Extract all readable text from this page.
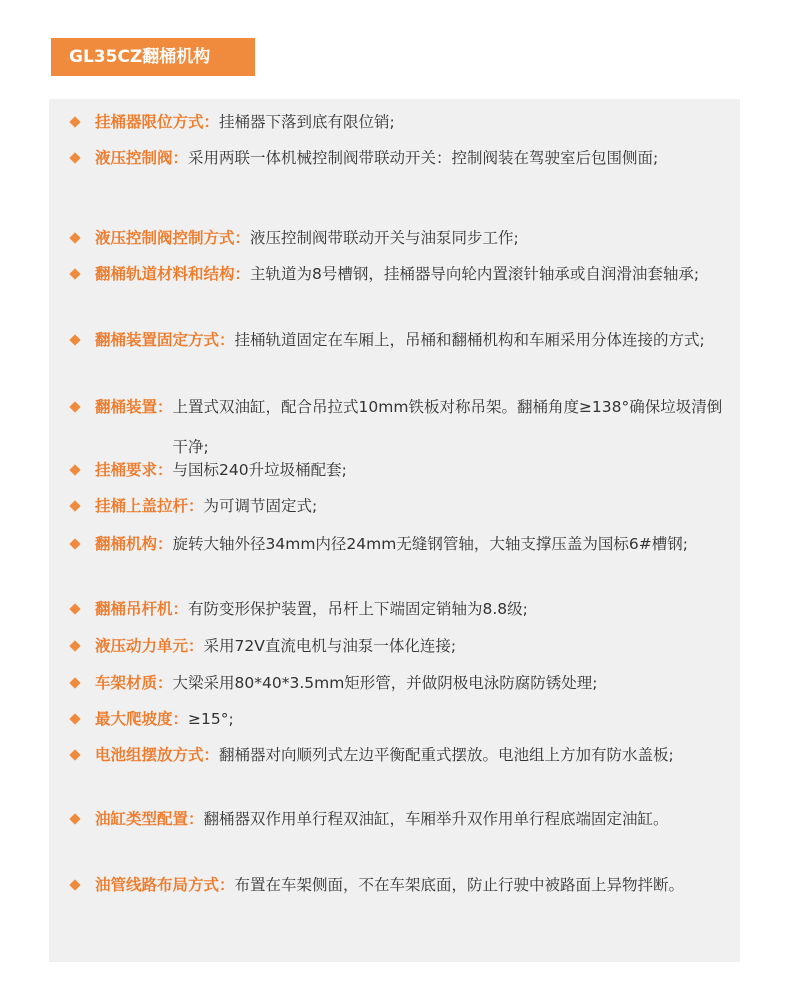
GL35CZ翻桶机构
挂桶器限位方式： 挂桶器下落到底有限位销;
液压控制阀： 采用两联一体机械控制阀带联动开关：控制阀装在驾驶室后包围侧面;
液压控制阀控制方式： 液压控制阀带联动开关与油泵同步工作;
翻桶轨道材料和结构： 主轨道为8号槽钢，挂桶器导向轮内置滚针轴承或自润滑油套轴承;
翻桶装置固定方式： 挂桶轨道固定在车厢上，吊桶和翻桶机构和车厢采用分体连接的方式;
翻桶装置： 上置式双油缸，配合吊拉式10mm铁板对称吊架。翻桶角度≥138°确保垃圾清倒干净;
挂桶要求： 与国标240升垃圾桶配套;
挂桶上盖拉杆： 为可调节固定式;
翻桶机构： 旋转大轴外径34mm内径24mm无缝钢管轴，大轴支撑压盖为国标6#槽钢;
翻桶吊杆机： 有防变形保护装置，吊杆上下端固定销轴为8.8级;
液压动力单元： 采用72V直流电机与油泵一体化连接;
车架材质： 大梁采用80*40*3.5mm矩形管，并做阴极电泳防腐防锈处理;
最大爬坡度： ≥15°;
电池组摆放方式： 翻桶器对向顺列式左边平衡配重式摆放。电池组上方加有防水盖板;
油缸类型配置： 翻桶器双作用单行程双油缸，车厢举升双作用单行程底端固定油缸。
油管线路布局方式： 布置在车架侧面，不在车架底面，防止行驶中被路面上异物拌断。
